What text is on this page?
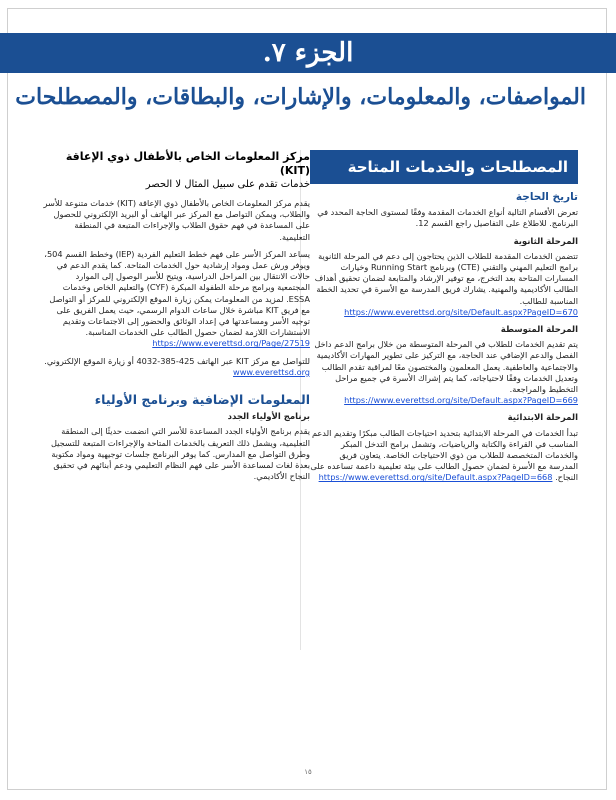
الجزء ٧.
المواصفات، والمعلومات، والإشارات، والبطاقات، والمصطلحات
المصطلحات والخدمات المتاحة
تاريخ الحاجة

تعرض الأقسام التالية أنواع الخدمات المقدمة وفقًا لمستوى الحاجة المحدد في البرنامج. للاطلاع على التفاصيل راجع القسم 12.

المرحلة الثانوية

تتضمن الخدمات المقدمة للطلاب الذين يحتاجون إلى دعم في المرحلة الثانوية برامج التعليم المهني والتقني (CTE) وبرنامج Running Start وخيارات المسارات المتاحة بعد التخرج، مع توفير الإرشاد والمتابعة لضمان تحقيق أهداف الطالب الأكاديمية والمهنية. يشارك فريق المدرسة مع الأسرة في تحديد الخطة المناسبة للطالب. https://www.everettsd.org/site/Default.aspx?PageID=670

المرحلة المتوسطة

يتم تقديم الخدمات للطلاب في المرحلة المتوسطة من خلال برامج الدعم داخل الفصل والدعم الإضافي عند الحاجة، مع التركيز على تطوير المهارات الأكاديمية والاجتماعية والعاطفية. يعمل المعلمون والمختصون معًا لمراقبة تقدم الطالب وتعديل الخدمات وفقًا لاحتياجاته، كما يتم إشراك الأسرة في جميع مراحل التخطيط والمراجعة. https://www.everettsd.org/site/Default.aspx?PageID=669

المرحلة الابتدائية

تبدأ الخدمات في المرحلة الابتدائية بتحديد احتياجات الطالب مبكرًا وتقديم الدعم المناسب في القراءة والكتابة والرياضيات، وتشمل برامج التدخل المبكر والخدمات المتخصصة للطلاب من ذوي الاحتياجات الخاصة. يتعاون فريق المدرسة مع الأسرة لضمان حصول الطالب على بيئة تعليمية داعمة تساعده على النجاح. https://www.everettsd.org/site/Default.aspx?PageID=668

مركز المعلومات الخاص بالأطفال ذوي الإعاقة (KIT)
خدمات تقدم على سبيل المثال لا الحصر

يقدم مركز المعلومات الخاص بالأطفال ذوي الإعاقة (KIT) خدمات متنوعة للأسر والطلاب، ويمكن التواصل مع المركز عبر الهاتف أو البريد الإلكتروني للحصول على المساعدة في فهم حقوق الطلاب والإجراءات المتبعة في المنطقة التعليمية.

يساعد المركز الأسر على فهم خطط التعليم الفردية (IEP) وخطط القسم 504، ويوفر ورش عمل ومواد إرشادية حول الخدمات المتاحة. كما يقدم الدعم في حالات الانتقال بين المراحل الدراسية، ويتيح للأسر الوصول إلى الموارد المجتمعية وبرامج مرحلة الطفولة المبكرة (CYF) والتعليم الخاص وخدمات ESSA. لمزيد من المعلومات يمكن زيارة الموقع الإلكتروني للمركز أو التواصل مع فريق KIT مباشرة خلال ساعات الدوام الرسمي، حيث يعمل الفريق على توجيه الأسر ومساعدتها في إعداد الوثائق والحضور إلى الاجتماعات وتقديم الاستشارات اللازمة لضمان حصول الطالب على الخدمات المناسبة. https://www.everettsd.org/Page/27519

للتواصل مع مركز KIT عبر الهاتف 425-385-4032 أو زيارة الموقع الإلكتروني. www.everettsd.org

المعلومات الإضافية وبرنامج الأولياء
برنامج الأولياء الجدد

يقدم برنامج الأولياء الجدد المساعدة للأسر التي انضمت حديثًا إلى المنطقة التعليمية، ويشمل ذلك التعريف بالخدمات المتاحة والإجراءات المتبعة للتسجيل وطرق التواصل مع المدارس. كما يوفر البرنامج جلسات توجيهية ومواد مكتوبة بعدة لغات لمساعدة الأسر على فهم النظام التعليمي ودعم أبنائهم في تحقيق النجاح الأكاديمي.

١٥
